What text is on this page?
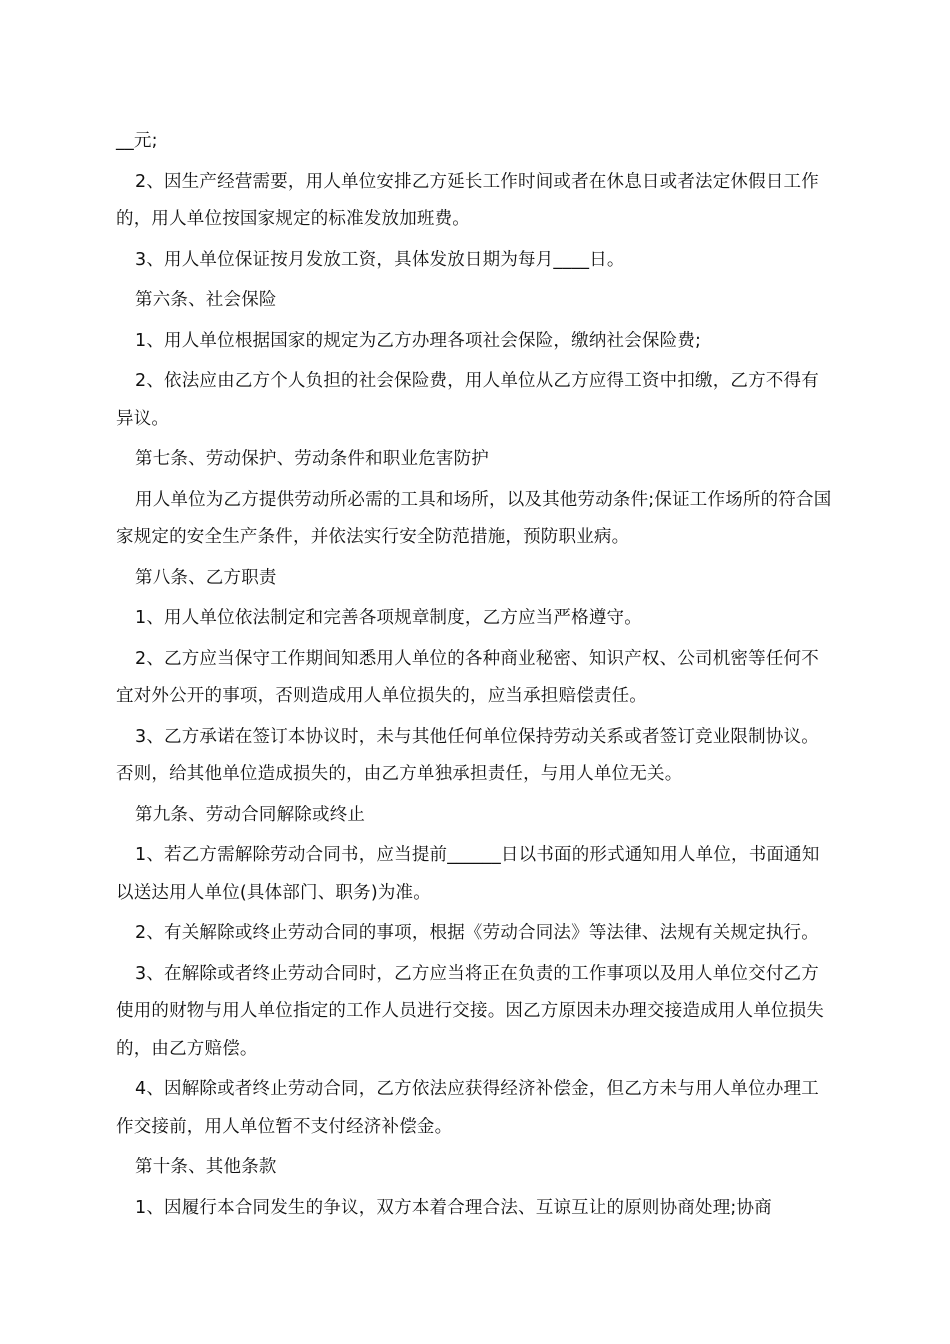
__元;

2、因生产经营需要，用人单位安排乙方延长工作时间或者在休息日或者法定休假日工作的，用人单位按国家规定的标准发放加班费。

3、用人单位保证按月发放工资，具体发放日期为每月____日。

第六条、社会保险

1、用人单位根据国家的规定为乙方办理各项社会保险，缴纳社会保险费;

2、依法应由乙方个人负担的社会保险费，用人单位从乙方应得工资中扣缴，乙方不得有异议。

第七条、劳动保护、劳动条件和职业危害防护

用人单位为乙方提供劳动所必需的工具和场所，以及其他劳动条件;保证工作场所的符合国家规定的安全生产条件，并依法实行安全防范措施，预防职业病。

第八条、乙方职责

1、用人单位依法制定和完善各项规章制度，乙方应当严格遵守。

2、乙方应当保守工作期间知悉用人单位的各种商业秘密、知识产权、公司机密等任何不宜对外公开的事项，否则造成用人单位损失的，应当承担赔偿责任。

3、乙方承诺在签订本协议时，未与其他任何单位保持劳动关系或者签订竞业限制协议。否则，给其他单位造成损失的，由乙方单独承担责任，与用人单位无关。

第九条、劳动合同解除或终止

1、若乙方需解除劳动合同书，应当提前______日以书面的形式通知用人单位，书面通知以送达用人单位(具体部门、职务)为准。

2、有关解除或终止劳动合同的事项，根据《劳动合同法》等法律、法规有关规定执行。

3、在解除或者终止劳动合同时，乙方应当将正在负责的工作事项以及用人单位交付乙方使用的财物与用人单位指定的工作人员进行交接。因乙方原因未办理交接造成用人单位损失的，由乙方赔偿。

4、因解除或者终止劳动合同，乙方依法应获得经济补偿金，但乙方未与用人单位办理工作交接前，用人单位暂不支付经济补偿金。

第十条、其他条款

1、因履行本合同发生的争议，双方本着合理合法、互谅互让的原则协商处理;协商
